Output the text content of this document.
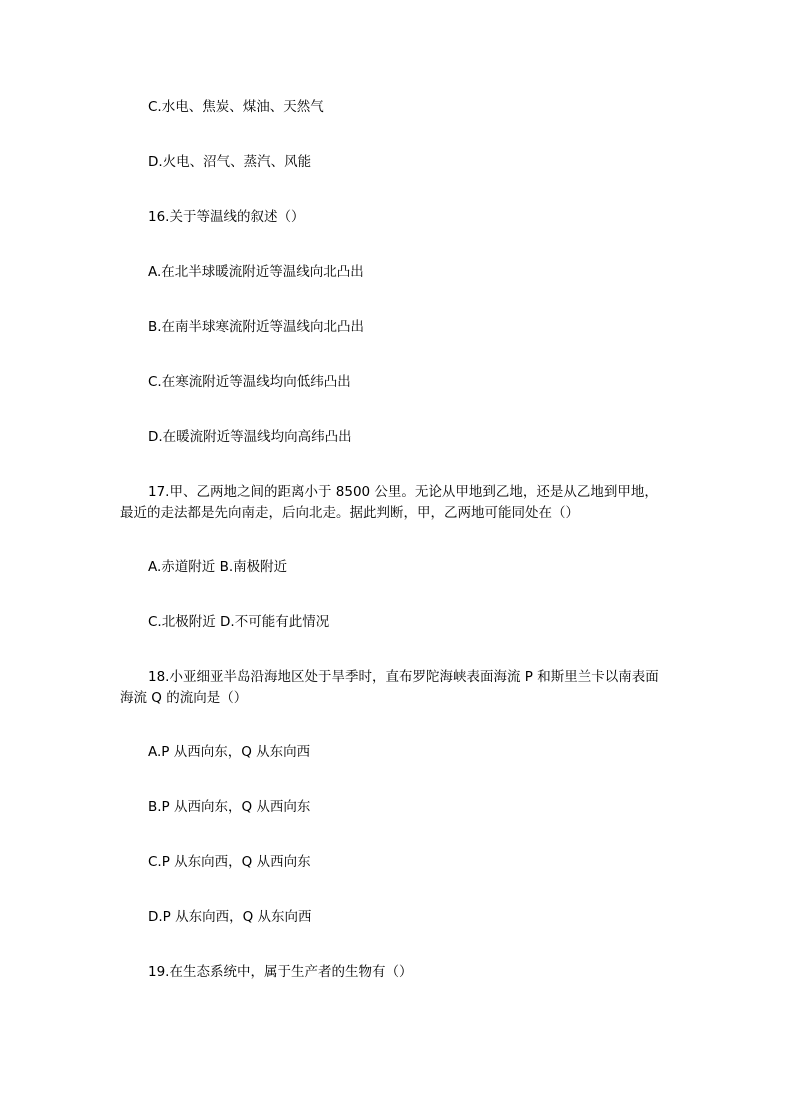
C.水电、焦炭、煤油、天然气
D.火电、沼气、蒸汽、风能
16.关于等温线的叙述（）
A.在北半球暖流附近等温线向北凸出
B.在南半球寒流附近等温线向北凸出
C.在寒流附近等温线均向低纬凸出
D.在暖流附近等温线均向高纬凸出
17.甲、乙两地之间的距离小于 8500 公里。无论从甲地到乙地，还是从乙地到甲地，
最近的走法都是先向南走，后向北走。据此判断，甲，乙两地可能同处在（）
A.赤道附近 B.南极附近
C.北极附近 D.不可能有此情况
18.小亚细亚半岛沿海地区处于旱季时，直布罗陀海峡表面海流 P 和斯里兰卡以南表面
海流 Q 的流向是（）
A.P 从西向东，Q 从东向西
B.P 从西向东，Q 从西向东
C.P 从东向西，Q 从西向东
D.P 从东向西，Q 从东向西
19.在生态系统中，属于生产者的生物有（）
